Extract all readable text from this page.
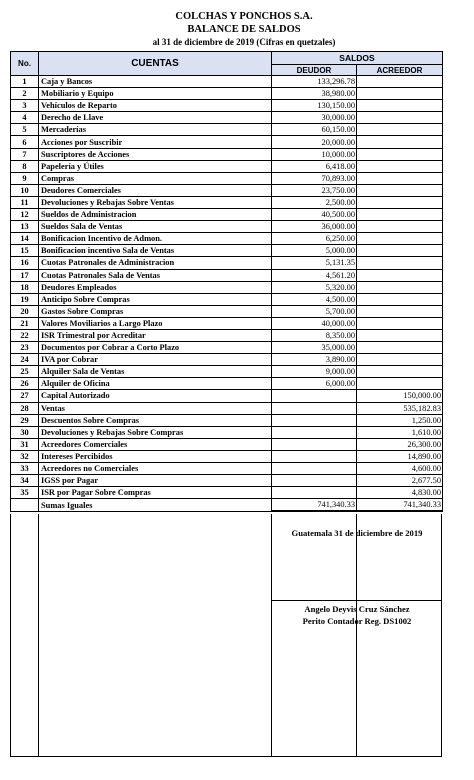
COLCHAS Y PONCHOS S.A.
BALANCE DE SALDOS
al 31 de diciembre de 2019 (Cifras en quetzales)
No.	CUENTAS	SALDOS	
		DEUDOR	ACREEDOR
1	Caja y Bancos	133,296.78	
2	Mobiliario y Equipo	38,980.00	
3	Vehículos de Reparto	130,150.00	
4	Derecho de Llave	30,000.00	
5	Mercaderías	60,150.00	
6	Acciones por Suscribir	20,000.00	
7	Suscriptores de Acciones	10,000.00	
8	Papelería y Útiles	6,418.00	
9	Compras	70,893.00	
10	Deudores Comerciales	23,750.00	
11	Devoluciones y Rebajas Sobre Ventas	2,500.00	
12	Sueldos de Administracion	40,500.00	
13	Sueldos Sala de Ventas	36,000.00	
14	Bonificacion Incentivo de Admon.	6,250.00	
15	Bonificacion incentivo Sala de Ventas	5,000.00	
16	Cuotas Patronales de Administracion	5,131.35	
17	Cuotas Patronales Sala de Ventas	4,561.20	
18	Deudores Empleados	5,320.00	
19	Anticipo Sobre Compras	4,500.00	
20	Gastos Sobre Compras	5,700.00	
21	Valores Moviliarios a Largo Plazo	40,000.00	
22	ISR Trimestral por Acreditar	8,350.00	
23	Documentos por Cobrar a Corto Plazo	35,000.00	
24	IVA por Cobrar	3,890.00	
25	Alquiler Sala de Ventas	9,000.00	
26	Alquiler de Oficina	6,000.00	
27	Capital Autorizado		150,000.00
28	Ventas		535,182.83
29	Descuentos Sobre Compras		1,250.00
30	Devoluciones y Rebajas Sobre Compras		1,610.00
31	Acreedores Comerciales		26,300.00
32	Intereses Percibidos		14,890.00
33	Acreedores no Comerciales		4,600.00
34	IGSS por Pagar		2,677.50
35	ISR por Pagar Sobre Compras		4,830.00
	Sumas Iguales	741,340.33	741,340.33
Guatemala 31 de diciembre de 2019
Angelo Deyvis Cruz Sánchez
Perito Contador Reg. DS1002
